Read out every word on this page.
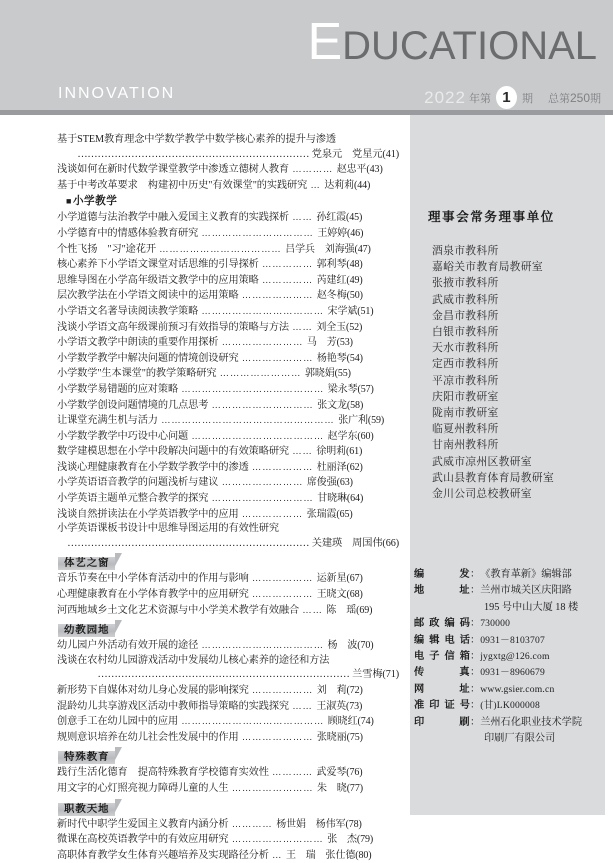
EDUCATIONAL
INNOVATION	2022 年第 1	期 总第250期
基于STEM教育理念中学数学教学中数学核心素养的提升与渗透
…………………………………………………………… 党泉元　党星元(41)
浅谈如何在新时代数学课堂教学中渗透立德树人教育 ………… 赵忠平(43)
基于中考改革要求　构建初中历史"有效课堂"的实践研究 … 达莉莉(44)
■小学教学
小学道德与法治教学中融入爱国主义教育的实践探析 …… 孙红霞(45)
小学德育中的情感体验教育研究 …………………………… 王婷婷(46)
个性飞扬　"习"途花开 ……………………………… 吕学兵　刘海强(47)
核心素养下小学语文课堂对话思维的引导探析 …………… 郭利琴(48)
思维导图在小学高年级语文教学中的应用策略 …………… 芮建红(49)
层次教学法在小学语文阅读中的运用策略 ………………… 赵冬梅(50)
小学语文名著导读阅读教学策略 ……………………………… 宋学斌(51)
浅谈小学语文高年级课前预习有效指导的策略与方法 …… 刘全玉(52)
小学语文教学中朗读的重要作用探析 …………………… 马　芳(53)
小学数学教学中解决问题的情境创设研究 ………………… 杨艳琴(54)
小学数学"生本课堂"的教学策略研究 …………………… 郭晓娟(55)
小学数学易错题的应对策略 …………………………………… 梁永琴(57)
小学数学创设问题情境的几点思考 ………………………… 张文龙(58)
让课堂充满生机与活力 …………………………………………… 张广利(59)
小学数学教学中巧设中心问题 ………………………………… 赵学东(60)
数学建模思想在小学中段解决问题中的有效策略研究 …… 徐明莉(61)
浅谈心理健康教育在小学数学教学中的渗透 ……………… 杜丽泽(62)
小学英语语音教学的问题浅析与建议 …………………… 席俊强(63)
小学英语主题单元整合教学的探究 ………………………… 甘晓琳(64)
浅谈自然拼读法在小学英语教学中的应用 ……………… 张瑞霞(65)
小学英语课板书设计中思维导图运用的有效性研究
……………………………………………………………… 关建瑛　周国伟(66)
体艺之窗
音乐节奏在中小学体育活动中的作用与影响 ……………… 运新星(67)
心理健康教育在小学体育教学中的应用研究 ……………… 王晓文(68)
河西地域乡土文化艺术资源与中小学美术教学有效融合 …… 陈　瑶(69)
幼教园地
幼儿园户外活动有效开展的途径 ……………………………… 杨　波(70)
浅谈在农村幼儿园游戏活动中发展幼儿核心素养的途径和方法
………………………………………………………………… 兰雪梅(71)
新形势下自媒体对幼儿身心发展的影响探究 ……………… 刘　莉(72)
混龄幼儿共享游戏区活动中教师指导策略的实践探究 …… 王淑英(73)
创意手工在幼儿园中的应用 …………………………………… 顾晓红(74)
规则意识培养在幼儿社会性发展中的作用 ………………… 张晓丽(75)
特殊教育
践行生活化德育　提高特殊教育学校德育实效性 ………… 武爱琴(76)
用文字的心灯照亮视力障碍儿童的人生 …………………… 朱　晓(77)
职教天地
新时代中职学生爱国主义教育内涵分析 ………… 杨世娟　杨伟军(78)
微课在高校英语教学中的有效应用研究 ……………………… 张　杰(79)
高职体育教学女生体育兴趣培养及实现路径分析 … 王　瑞　张仕德(80)
理事会常务理事单位
酒泉市教科所
嘉峪关市教育局教研室
张掖市教科所
武威市教科所
金昌市教科所
白银市教科所
天水市教科所
定西市教科所
平凉市教科所
庆阳市教研室
陇南市教研室
临夏州教科所
甘南州教科所
武威市凉州区教研室
武山县教育体育局教研室
金川公司总校教研室
编　发 ： 《教育革新》编辑部
地　址 ： 兰州市城关区庆阳路
195 号中山大厦 18 楼
邮政编码 ： 730000
编辑电话 ： 0931－8103707
电子信箱 ： jygxtg@126.com
传　真 ： 0931－8960679
网　址 ： www.gsier.com.cn
准印证号 ： (甘)LK000008
印　刷 ： 兰州石化职业技术学院
印刷厂有限公司
